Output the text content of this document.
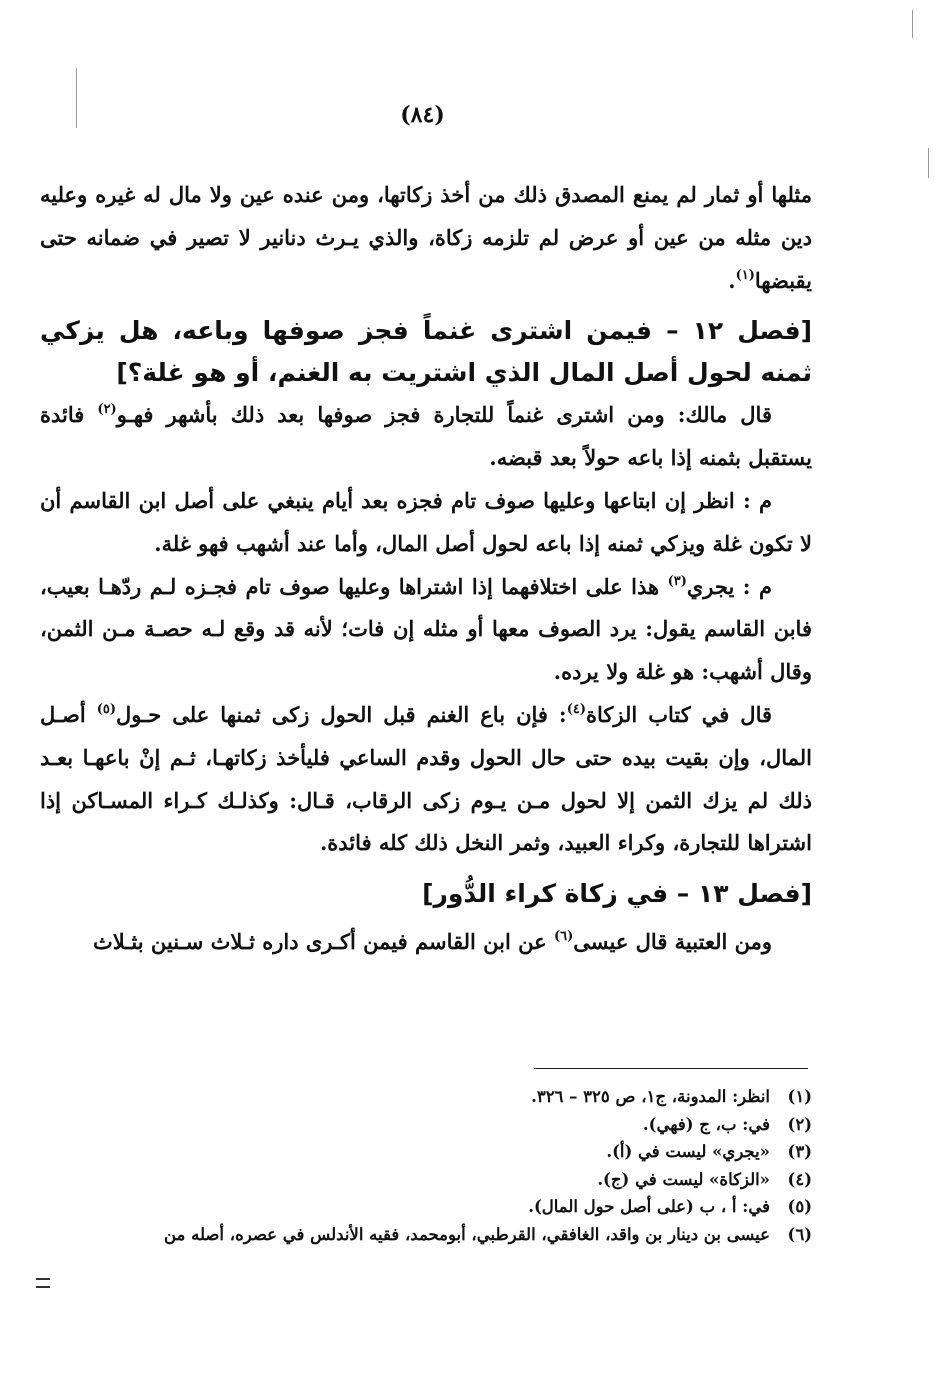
(٨٤)

مثلها أو ثمار لم يمنع المصدق ذلك من أخذ زكاتها، ومن عنده عين ولا مال له غيره وعليه دين مثله من عين أو عرض لم تلزمه زكاة، والذي يـرث دنانير لا تصير في ضمانه حتى يقبضها$^{(١)}$.

[فصل ١٢ – فيمن اشترى غنماً فجز صوفها وباعه، هل يزكي ثمنه لحول أصل المال الذي اشتريت به الغنم، أو هو غلة؟]

قال مالك: ومن اشترى غنماً للتجارة فجز صوفها بعد ذلك بأشهر فهـو$^{(٢)}$ فائدة يستقبل بثمنه إذا باعه حولاً بعد قبضه.

م : انظر إن ابتاعها وعليها صوف تام فجزه بعد أيام ينبغي على أصل ابن القاسم أن لا تكون غلة ويزكي ثمنه إذا باعه لحول أصل المال، وأما عند أشهب فهو غلة.

م : يجري$^{(٣)}$ هذا على اختلافهما إذا اشتراها وعليها صوف تام فجـزه لـم ردّهـا بعيب، فابن القاسم يقول: يرد الصوف معها أو مثله إن فات؛ لأنه قد وقع لـه حصـة مـن الثمن، وقال أشهب: هو غلة ولا يرده.

قال في كتاب الزكاة$^{(٤)}$: فإن باع الغنم قبل الحول زكى ثمنها على حـول$^{(٥)}$ أصـل المال، وإن بقيت بيده حتى حال الحول وقدم الساعي فليأخذ زكاتهـا، ثـم إنْ باعهـا بعـد ذلك لم يزك الثمن إلا لحول مـن يـوم زكى الرقاب، قـال: وكذلـك كـراء المسـاكن إذا اشتراها للتجارة، وكراء العبيد، وثمر النخل ذلك كله فائدة.

[فصل ١٣ – في زكاة كراء الدُّور]

ومن العتبية قال عيسى$^{(٦)}$ عن ابن القاسم فيمن أكـرى داره ثـلاث سـنين بثـلاث

(١)
انظر: المدونة، ج١، ص ٣٢٥ – ٣٢٦.
(٢)
في: ب، ج (فهي).
(٣)
«يجري» ليست في (أ).
(٤)
«الزكاة» ليست في (ج).
(٥)
في: أ ، ب (على أصل حول المال).
(٦)
عيسى بن دينار بن واقد، الغافقي، القرطبي، أبومحمد، فقيه الأندلس في عصره، أصله من
